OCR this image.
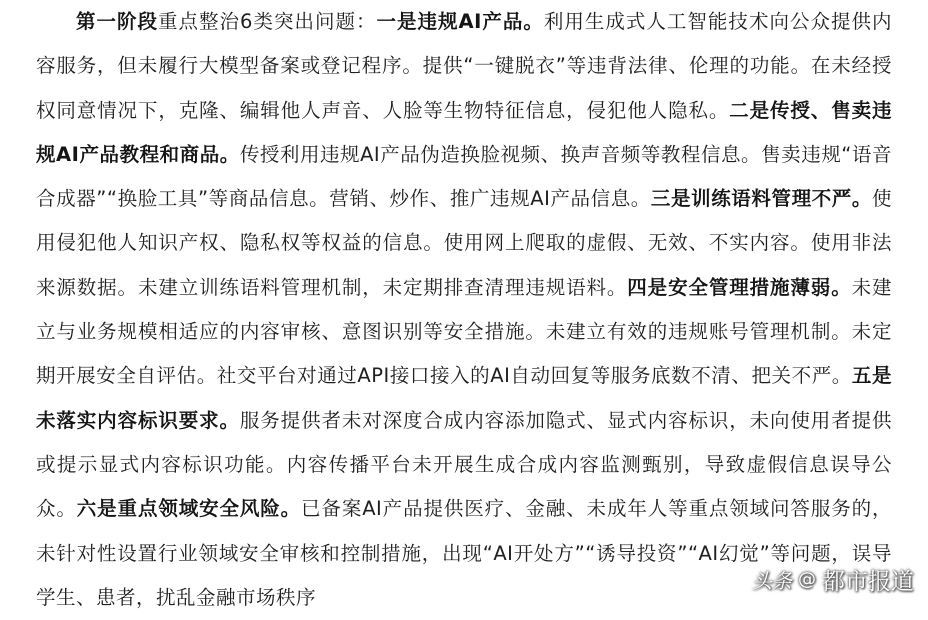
第一阶段重点整治6类突出问题：一是违规AI产品。利用生成式人工智能技术向公众提供内容服务，但未履行大模型备案或登记程序。提供“一键脱衣”等违背法律、伦理的功能。在未经授权同意情况下，克隆、编辑他人声音、人脸等生物特征信息，侵犯他人隐私。二是传授、售卖违规AI产品教程和商品。传授利用违规AI产品伪造换脸视频、换声音频等教程信息。售卖违规“语音合成器”“换脸工具”等商品信息。营销、炒作、推广违规AI产品信息。三是训练语料管理不严。使用侵犯他人知识产权、隐私权等权益的信息。使用网上爬取的虚假、无效、不实内容。使用非法来源数据。未建立训练语料管理机制，未定期排查清理违规语料。四是安全管理措施薄弱。未建立与业务规模相适应的内容审核、意图识别等安全措施。未建立有效的违规账号管理机制。未定期开展安全自评估。社交平台对通过API接口接入的AI自动回复等服务底数不清、把关不严。五是未落实内容标识要求。服务提供者未对深度合成内容添加隐式、显式内容标识，未向使用者提供或提示显式内容标识功能。内容传播平台未开展生成合成内容监测甄别，导致虚假信息误导公众。六是重点领域安全风险。已备案AI产品提供医疗、金融、未成年人等重点领域问答服务的，未针对性设置行业领域安全审核和控制措施，出现“AI开处方”“诱导投资”“AI幻觉”等问题，误导学生、患者，扰乱金融市场秩序

头条 @ 都市报道
